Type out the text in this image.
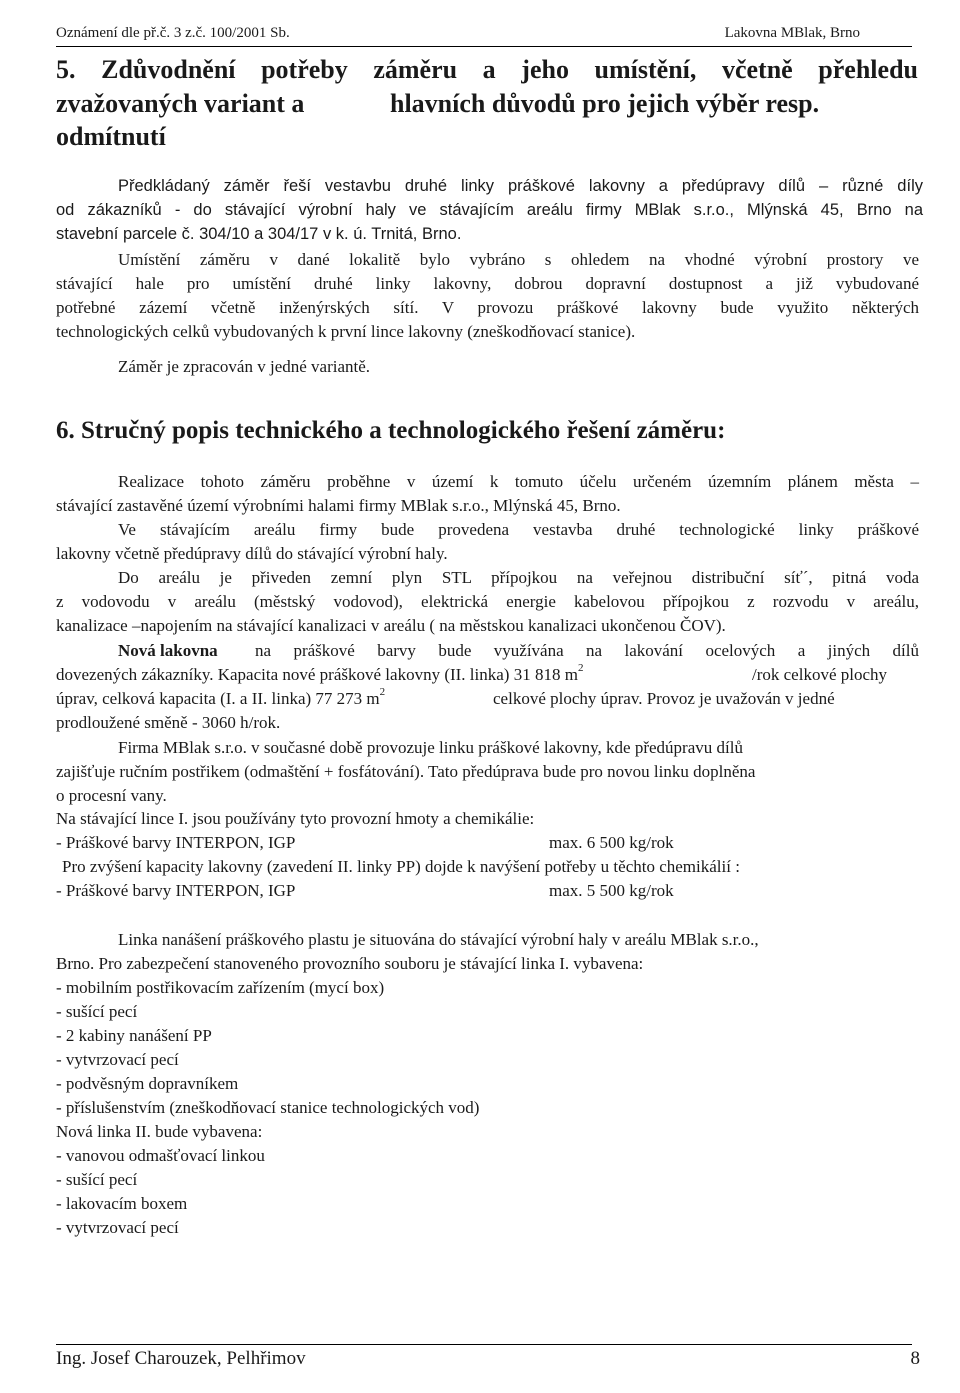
Oznámení dle př.č. 3 z.č. 100/2001 Sb.	Lakovna MBlak, Brno
5. Zdůvodnění potřeby záměru a jeho umístění, včetně přehledu
zvažovaných variant a	hlavních důvodů pro jejich výběr resp.
odmítnutí
Předkládaný záměr řeší vestavbu druhé linky práškové lakovny a předúpravy dílů – různé díly
od zákazníků - do stávající výrobní haly ve stávajícím areálu firmy MBlak s.r.o., Mlýnská 45, Brno na
stavební parcele č. 304/10 a 304/17 v k. ú. Trnitá, Brno.
Umístění záměru v dané lokalitě bylo vybráno s ohledem na vhodné výrobní prostory ve
stávající hale pro umístění druhé linky lakovny, dobrou dopravní dostupnost a již vybudované
potřebné zázemí včetně inženýrských sítí. V provozu práškové lakovny bude využito některých
technologických celků vybudovaných k první lince lakovny (zneškodňovací stanice).
Záměr je zpracován v jedné variantě.
6. Stručný popis technického a technologického řešení záměru:
Realizace tohoto záměru proběhne v území k tomuto účelu určeném územním plánem města –
stávající zastavěné území výrobními halami firmy MBlak s.r.o., Mlýnská 45, Brno.
Ve stávajícím areálu firmy bude provedena vestavba druhé technologické linky práškové
lakovny včetně předúpravy dílů do stávající výrobní haly.
Do areálu je přiveden zemní plyn STL přípojkou na veřejnou distribuční síť´, pitná voda
z vodovodu v areálu (městský vodovod), elektrická energie kabelovou přípojkou z rozvodu v areálu,
kanalizace –napojením na stávající kanalizaci v areálu ( na městskou kanalizaci ukončenou ČOV).
Nová lakovna na práškové barvy bude využívána na lakování ocelových a jiných dílů
dovezených zákazníky. Kapacita nové práškové lakovny (II. linka) 31 818 $m^2$	/rok celkové plochy
úprav, celková kapacita (I. a II. linka) 77 273 $m^2$	celkové plochy úprav. Provoz je uvažován v jedné
prodloužené směně - 3060 h/rok.
Firma MBlak s.r.o. v současné době provozuje linku práškové lakovny, kde předúpravu dílů
zajišťuje ručním postřikem (odmaštění + fosfátování). Tato předúprava bude pro novou linku doplněna
o procesní vany.
Na stávající lince I. jsou používány tyto provozní hmoty a chemikálie:
- Práškové barvy INTERPON, IGP	max. 6 500 kg/rok
Pro zvýšení kapacity lakovny (zavedení II. linky PP) dojde k navýšení potřeby u těchto chemikálií :
- Práškové barvy INTERPON, IGP	max. 5 500 kg/rok
Linka nanášení práškového plastu je situována do stávající výrobní haly v areálu MBlak s.r.o.,
Brno. Pro zabezpečení stanoveného provozního souboru je stávající linka I. vybavena:
- mobilním postřikovacím zařízením (mycí box)
- sušící pecí
- 2 kabiny nanášení PP
- vytvrzovací pecí
- podvěsným dopravníkem
- příslušenstvím (zneškodňovací stanice technologických vod)
Nová linka II. bude vybavena:
- vanovou odmašťovací linkou
- sušící pecí
- lakovacím boxem
- vytvrzovací pecí
Ing. Josef Charouzek, Pelhřimov	8
